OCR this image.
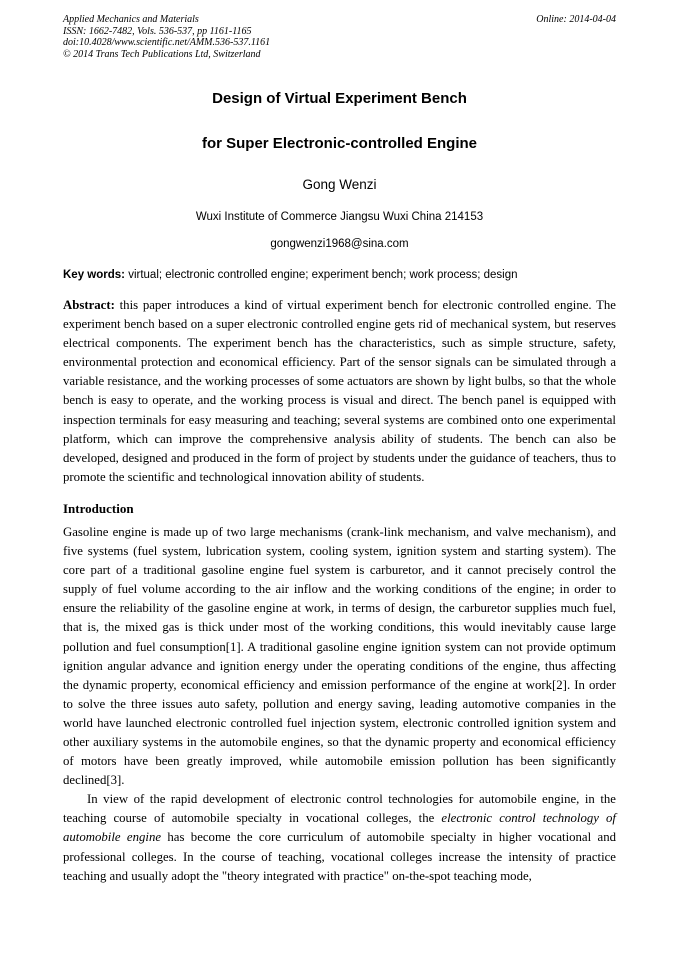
Applied Mechanics and Materials
ISSN: 1662-7482, Vols. 536-537, pp 1161-1165
doi:10.4028/www.scientific.net/AMM.536-537.1161
© 2014 Trans Tech Publications Ltd, Switzerland
Online: 2014-04-04
Design of Virtual Experiment Bench
for Super Electronic-controlled Engine
Gong Wenzi
Wuxi Institute of Commerce Jiangsu Wuxi China 214153
gongwenzi1968@sina.com
Key words: virtual; electronic controlled engine; experiment bench; work process; design

Abstract: this paper introduces a kind of virtual experiment bench for electronic controlled engine. The experiment bench based on a super electronic controlled engine gets rid of mechanical system, but reserves electrical components. The experiment bench has the characteristics, such as simple structure, safety, environmental protection and economical efficiency. Part of the sensor signals can be simulated through a variable resistance, and the working processes of some actuators are shown by light bulbs, so that the whole bench is easy to operate, and the working process is visual and direct. The bench panel is equipped with inspection terminals for easy measuring and teaching; several systems are combined onto one experimental platform, which can improve the comprehensive analysis ability of students. The bench can also be developed, designed and produced in the form of project by students under the guidance of teachers, thus to promote the scientific and technological innovation ability of students.

Introduction

Gasoline engine is made up of two large mechanisms (crank-link mechanism, and valve mechanism), and five systems (fuel system, lubrication system, cooling system, ignition system and starting system). The core part of a traditional gasoline engine fuel system is carburetor, and it cannot precisely control the supply of fuel volume according to the air inflow and the working conditions of the engine; in order to ensure the reliability of the gasoline engine at work, in terms of design, the carburetor supplies much fuel, that is, the mixed gas is thick under most of the working conditions, this would inevitably cause large pollution and fuel consumption[1]. A traditional gasoline engine ignition system can not provide optimum ignition angular advance and ignition energy under the operating conditions of the engine, thus affecting the dynamic property, economical efficiency and emission performance of the engine at work[2]. In order to solve the three issues auto safety, pollution and energy saving, leading automotive companies in the world have launched electronic controlled fuel injection system, electronic controlled ignition system and other auxiliary systems in the automobile engines, so that the dynamic property and economical efficiency of motors have been greatly improved, while automobile emission pollution has been significantly declined[3].

In view of the rapid development of electronic control technologies for automobile engine, in the teaching course of automobile specialty in vocational colleges, the electronic control technology of automobile engine has become the core curriculum of automobile specialty in higher vocational and professional colleges. In the course of teaching, vocational colleges increase the intensity of practice teaching and usually adopt the "theory integrated with practice" on-the-spot teaching mode,
